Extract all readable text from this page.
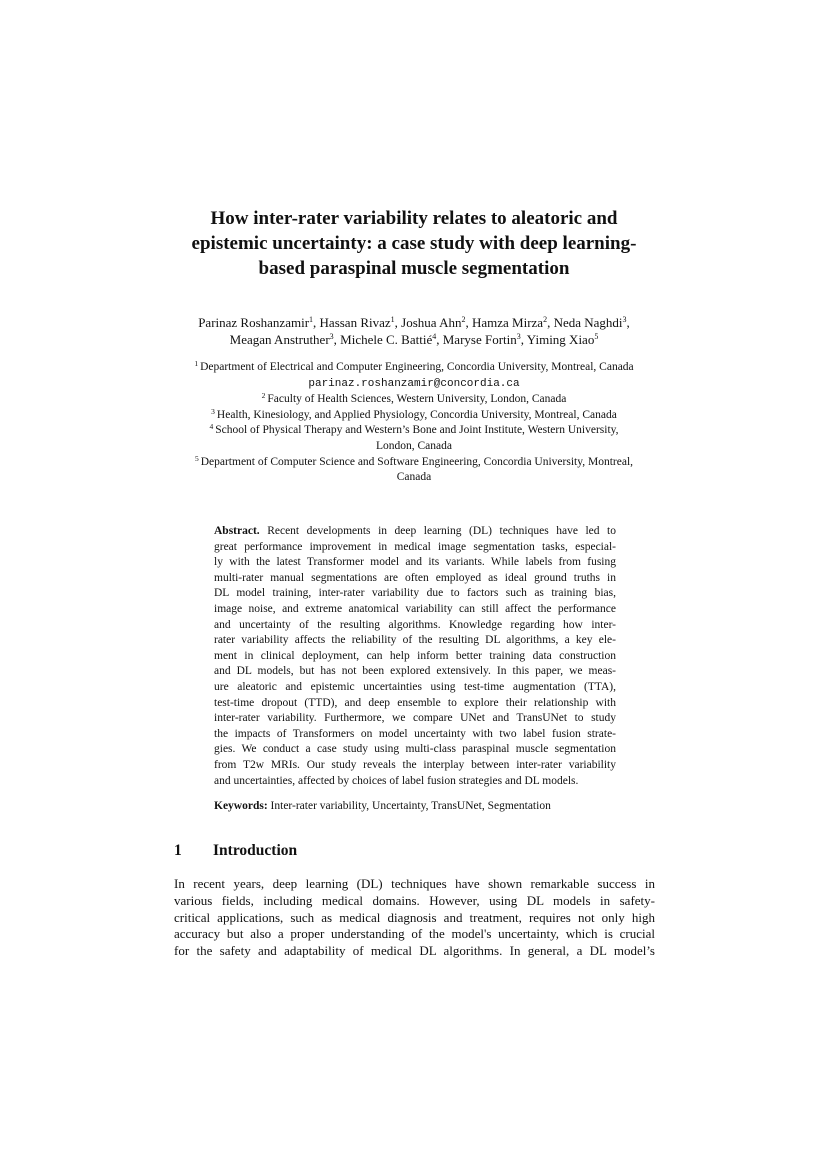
How inter-rater variability relates to aleatoric and
epistemic uncertainty: a case study with deep learning-
based paraspinal muscle segmentation
Parinaz Roshanzamir$^1$, Hassan Rivaz$^1$, Joshua Ahn$^2$, Hamza Mirza$^2$, Neda Naghdi$^3$,
Meagan Anstruther$^3$, Michele C. Battié$^4$, Maryse Fortin$^3$, Yiming Xiao$^5$
$^1$ Department of Electrical and Computer Engineering, Concordia University, Montreal, Canada
parinaz.roshanzamir@concordia.ca
$^2$ Faculty of Health Sciences, Western University, London, Canada
$^3$ Health, Kinesiology, and Applied Physiology, Concordia University, Montreal, Canada
$^4$ School of Physical Therapy and Western’s Bone and Joint Institute, Western University,
London, Canada
$^5$ Department of Computer Science and Software Engineering, Concordia University, Montreal,
Canada
Abstract. Recent developments in deep learning (DL) techniques have led to
great performance improvement in medical image segmentation tasks, especial-
ly with the latest Transformer model and its variants. While labels from fusing
multi-rater manual segmentations are often employed as ideal ground truths in
DL model training, inter-rater variability due to factors such as training bias,
image noise, and extreme anatomical variability can still affect the performance
and uncertainty of the resulting algorithms. Knowledge regarding how inter-
rater variability affects the reliability of the resulting DL algorithms, a key ele-
ment in clinical deployment, can help inform better training data construction
and DL models, but has not been explored extensively. In this paper, we meas-
ure aleatoric and epistemic uncertainties using test-time augmentation (TTA),
test-time dropout (TTD), and deep ensemble to explore their relationship with
inter-rater variability. Furthermore, we compare UNet and TransUNet to study
the impacts of Transformers on model uncertainty with two label fusion strate-
gies. We conduct a case study using multi-class paraspinal muscle segmentation
from T2w MRIs. Our study reveals the interplay between inter-rater variability
and uncertainties, affected by choices of label fusion strategies and DL models.
Keywords: Inter-rater variability, Uncertainty, TransUNet, Segmentation
1 Introduction
In recent years, deep learning (DL) techniques have shown remarkable success in
various fields, including medical domains. However, using DL models in safety-
critical applications, such as medical diagnosis and treatment, requires not only high
accuracy but also a proper understanding of the model's uncertainty, which is crucial
for the safety and adaptability of medical DL algorithms. In general, a DL model’s
